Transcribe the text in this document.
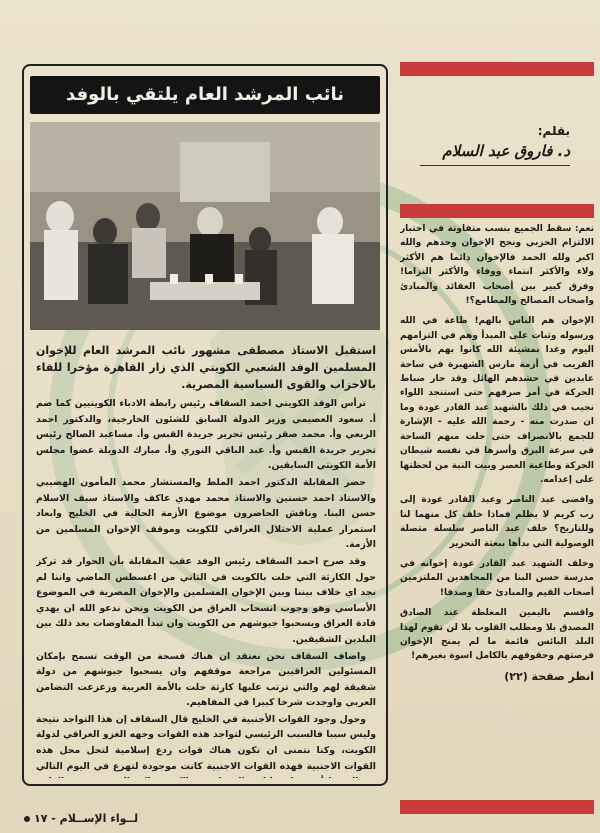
نائب المرشد العام يلتقي بالوفد

استقبل الاستاذ مصطفى مشهور نائب المرشد العام للإخوان المسلمين الوفد الشعبي الكويتي الذي زار القاهرة مؤخرا للقاء بالاحزاب والقوى السياسية المصرية.

ترأس الوفد الكويتي احمد السقاف رئيس رابطة الادباء الكويتيين كما ضم أ. سعود العصيمي وزير الدولة السابق للشئون الخارجية، والدكتور احمد الربعي وأ. محمد صقر رئيس تحرير جريدة القبس وأ. مساعيد الصالح رئيس تحرير جريدة القبس وأ. عبد الباقي النوري وأ. مبارك الدويلة عضوا مجلس الأمة الكويتي السابقين.

حضر المقابلة الدكتور احمد الملط والمستشار محمد المأمون الهضيبي والاستاذ احمد حسنين والاستاذ محمد مهدي عاكف والاستاذ سيف الاسلام حسن البنا. وناقش الحاضرون موضوع الأزمة الحالية في الخليج وابعاد استمرار عملية الاحتلال العراقي للكويت وموقف الإخوان المسلمين من الأزمة.

وقد صرح احمد السقاف رئيس الوفد عقب المقابلة بأن الحوار قد تركز حول الكارثة التي حلت بالكويت في الثاني من اغسطس الماضي واننا لم نجد اي خلاف بيننا وبين الإخوان المسلمين والإخوان المصرية في الموضوع الأساسي وهو وجوب انسحاب العراق من الكويت ونحن ندعو الله ان يهدي قادة العراق ويسحبوا جيوشهم من الكويت وان تبدأ المفاوضات بعد ذلك بين البلدين الشقيقين.

واضاف السقاف نحن نعتقد ان هناك فسحة من الوقت تسمح بإمكان المسئولين العراقيين مراجعة موقفهم وان يسحبوا جيوشهم من دولة شقيقة لهم والتي ترتب عليها كارثة حلت بالأمة العربية وزعزعت التضامن العربي واوجدت شرخا كبيرا في المفاهيم.

وحول وجود القوات الأجنبية في الخليج قال السقاف إن هذا التواجد نتيجة وليس سببا فالسبب الرئيسي لتواجد هذه القوات وجهه الغزو العراقي لدولة الكويت، وكنا نتمنى ان تكون هناك قوات ردع إسلامية لتحل محل هذه القوات الاجنبية فهذه القوات الاجنبية كانت موجودة لتهرع في اليوم التالي

بقلم:
د. فاروق عبد السلام

نعم: سقط الجميع بنسب متفاوتة في اختبار الالتزام الحزبي ونجح الإخوان وحدهم والله اكبر ولله الحمد فالإخوان دائما هم الأكثر ولاء والأكثر انتماء ووفاء والأكثر التزاما! وفرق كبير بين أصحاب العقائد والمبادئ واصحاب المصالح والمطامع؟!

الإخوان هم الناس بالهم! طاعة في الله ورسوله وثبات على المبدأ وهم في التزامهم اليوم وغدا بمشيئة الله كانوا بهم بالأمس القريب في أزمة مارس الشهيرة في ساحة عابدين في حشدهم الهائل وقد حار ضباط الحركة في أمر صرفهم حتى استنجد اللواء نجيب في ذلك بالشهيد عبد القادر عودة وما ان صدرت منه - رحمة الله عليه - الإشارة للجمع بالانصراف حتى خلت منهم الساحة في سرعة البرق وأسرها في نفسه شيطان الحركة وطاغية العصر وبيت النية من لحظتها على إعدامه.

وافضى عبد الناصر وعبد القادر عودة إلى رب كريم لا يظلم فماذا خلف كل منهما لنا وللتاريخ؟ خلف عبد الناصر سلسلة متصلة الوصولية التي بدأها ببعثة التحرير

وخلف الشهيد عبد القادر عودة إخوانه في مدرسة حسن البنا من المجاهدين الملتزمين أصحاب القيم والمبادئ حقا وصدقا!

واقسم باليمين المغلظة عند الصادق المصدق بلا ومطلب القلوب بلا لن تقوم لهذا البلد البائس قائمة ما لم يمنح الإخوان فرصتهم وحقوقهم بالكامل اسوة بغيرهم!

انظر صفحة (٢٢)

لــواء الإســلام - ١٧
